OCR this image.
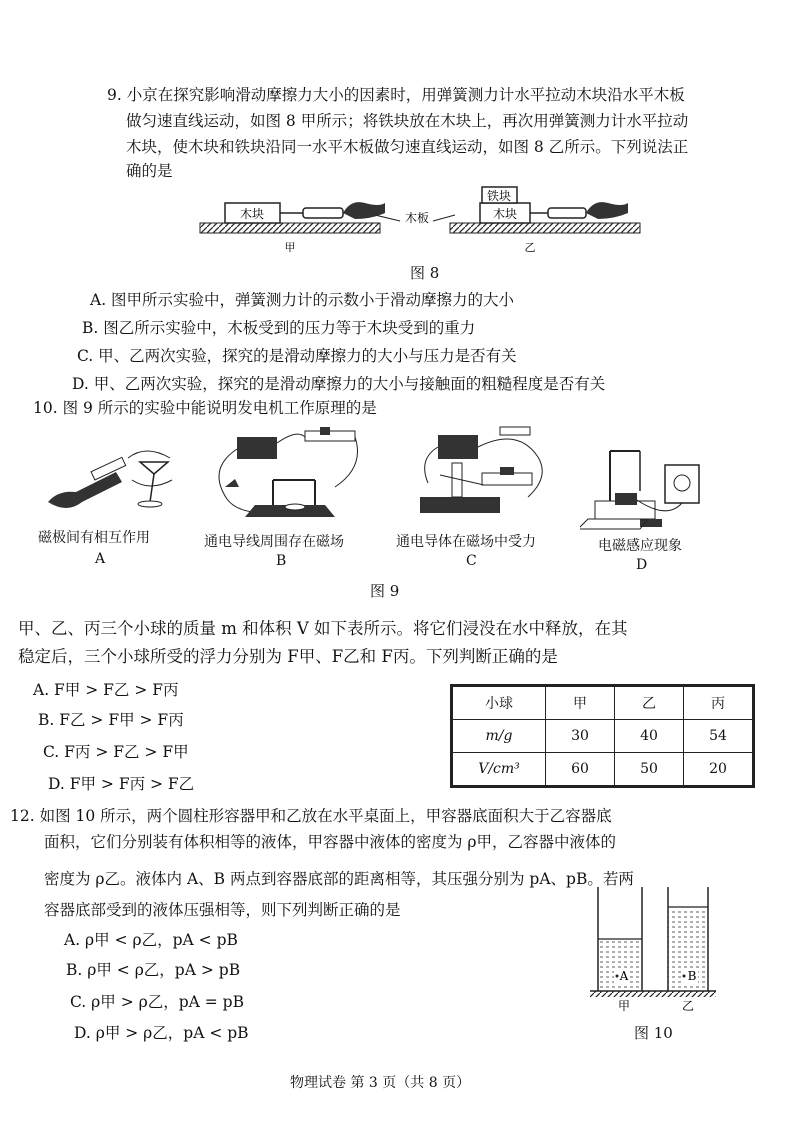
9. 小京在探究影响滑动摩擦力大小的因素时，用弹簧测力计水平拉动木块沿水平木板
做匀速直线运动，如图 8 甲所示；将铁块放在木块上，再次用弹簧测力计水平拉动
木块，使木块和铁块沿同一水平木板做匀速直线运动，如图 8 乙所示。下列说法正
确的是
木块	木板	木块
铁块
甲	乙
图 8
A. 图甲所示实验中，弹簧测力计的示数小于滑动摩擦力的大小
B. 图乙所示实验中，木板受到的压力等于木块受到的重力
C. 甲、乙两次实验，探究的是滑动摩擦力的大小与压力是否有关
D. 甲、乙两次实验，探究的是滑动摩擦力的大小与接触面的粗糙程度是否有关
10. 图 9 所示的实验中能说明发电机工作原理的是
磁极间有相互作用
A
通电导线周围存在磁场
B
通电导体在磁场中受力
C
电磁感应现象
D
图 9
甲、乙、丙三个小球的质量 m 和体积 V 如下表所示。将它们浸没在水中释放，在其
稳定后，三个小球所受的浮力分别为 F甲、F乙和 F丙。下列判断正确的是
A. F甲 > F乙 > F丙
B. F乙 > F甲 > F丙
C. F丙 > F乙 > F甲
D. F甲 > F丙 > F乙
小球	甲	乙	丙
m/g	30	40	54
V/cm³	60	50	20
12. 如图 10 所示，两个圆柱形容器甲和乙放在水平桌面上，甲容器底面积大于乙容器底
面积，它们分别装有体积相等的液体，甲容器中液体的密度为 ρ甲，乙容器中液体的
密度为 ρ乙。液体内 A、B 两点到容器底部的距离相等，其压强分别为 pA、pB。若两
容器底部受到的液体压强相等，则下列判断正确的是
A. ρ甲 < ρ乙，pA < pB
B. ρ甲 < ρ乙，pA > pB
C. ρ甲 > ρ乙，pA = pB
D. ρ甲 > ρ乙，pA < pB
A	B
甲	乙
图 10
物理试卷 第 3 页（共 8 页）
